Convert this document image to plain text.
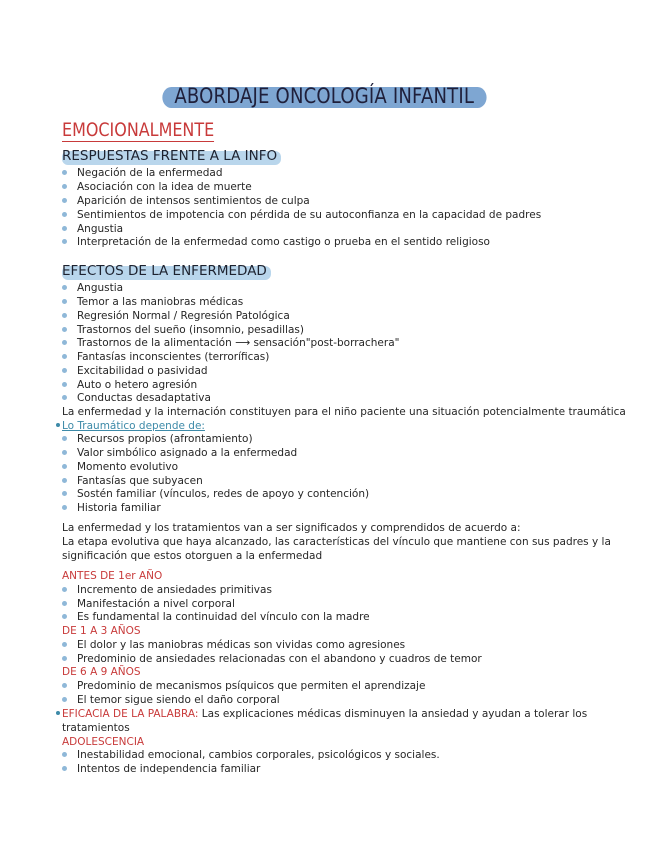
ABORDAJE ONCOLOGÍA INFANTIL
EMOCIONALMENTE
RESPUESTAS FRENTE A LA INFO
Negación de la enfermedad
Asociación con la idea de muerte
Aparición de intensos sentimientos de culpa
Sentimientos de impotencia con pérdida de su autoconfianza en la capacidad de padres
Angustia
Interpretación de la enfermedad como castigo o prueba en el sentido religioso
EFECTOS DE LA ENFERMEDAD
Angustia
Temor a las maniobras médicas
Regresión Normal / Regresión Patológica
Trastornos del sueño (insomnio, pesadillas)
Trastornos de la alimentación ⟶ sensación"post-borrachera"
Fantasías inconscientes (terroríficas)
Excitabilidad o pasividad
Auto o hetero agresión
Conductas desadaptativa
La enfermedad y la internación constituyen para el niño paciente una situación potencialmente traumática
Lo Traumático depende de:
Recursos propios (afrontamiento)
Valor simbólico asignado a la enfermedad
Momento evolutivo
Fantasías que subyacen
Sostén familiar (vínculos, redes de apoyo y contención)
Historia familiar
La enfermedad y los tratamientos van a ser significados y comprendidos de acuerdo a:
La etapa evolutiva que haya alcanzado, las características del vínculo que mantiene con sus padres y la
significación que estos otorguen a la enfermedad
ANTES DE 1er AÑO
Incremento de ansiedades primitivas
Manifestación a nivel corporal
Es fundamental la continuidad del vínculo con la madre
DE 1 A 3 AÑOS
El dolor y las maniobras médicas son vividas como agresiones
Predominio de ansiedades relacionadas con el abandono y cuadros de temor
DE 6 A 9 AÑOS
Predominio de mecanismos psíquicos que permiten el aprendizaje
El temor sigue siendo el daño corporal
EFICACIA DE LA PALABRA: Las explicaciones médicas disminuyen la ansiedad y ayudan a tolerar los
tratamientos
ADOLESCENCIA
Inestabilidad emocional, cambios corporales, psicológicos y sociales.
Intentos de independencia familiar
